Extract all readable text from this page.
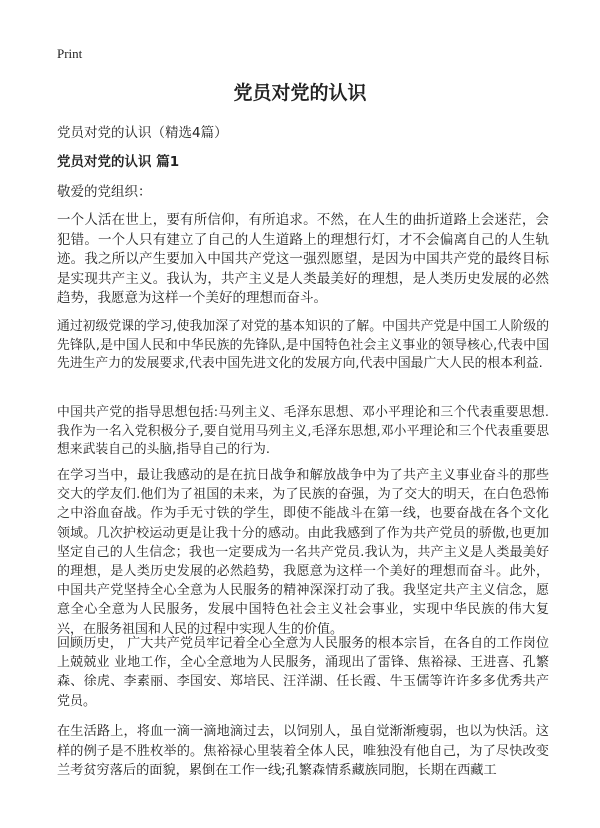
Print
党员对党的认识

党员对党的认识（精选4篇）

党员对党的认识 篇1

敬爱的党组织：

一个人活在世上，要有所信仰，有所追求。不然，在人生的曲折道路上会迷茫，会犯错。一个人只有建立了自己的人生道路上的理想行灯，才不会偏离自己的人生轨迹。我之所以产生要加入中国共产党这一强烈愿望，是因为中国共产党的最终目标是实现共产主义。我认为，共产主义是人类最美好的理想，是人类历史发展的必然趋势，我愿意为这样一个美好的理想而奋斗。

通过初级党课的学习,使我加深了对党的基本知识的了解。中国共产党是中国工人阶级的先锋队,是中国人民和中华民族的先锋队,是中国特色社会主义事业的领导核心,代表中国先进生产力的发展要求,代表中国先进文化的发展方向,代表中国最广大人民的根本利益.

中国共产党的指导思想包括:马列主义、毛泽东思想、邓小平理论和三个代表重要思想.我作为一名入党积极分子,要自觉用马列主义,毛泽东思想,邓小平理论和三个代表重要思想来武装自己的头脑,指导自己的行为.

在学习当中，最让我感动的是在抗日战争和解放战争中为了共产主义事业奋斗的那些交大的学友们.他们为了祖国的未来，为了民族的奋强，为了交大的明天，在白色恐怖之中浴血奋战。作为手无寸铁的学生，即使不能战斗在第一线，也要奋战在各个文化领域。几次护校运动更是让我十分的感动。由此我感到了作为共产党员的骄傲,也更加坚定自己的人生信念；我也一定要成为一名共产党员.我认为，共产主义是人类最美好的理想，是人类历史发展的必然趋势，我愿意为这样一个美好的理想而奋斗。此外，中国共产党坚持全心全意为人民服务的精神深深打动了我。我坚定共产主义信念，愿意全心全意为人民服务，发展中国特色社会主义社会事业，实现中华民族的伟大复兴，在服务祖国和人民的过程中实现人生的价值。

回顾历史， 广大共产党员牢记着全心全意为人民服务的根本宗旨，在各自的工作岗位上兢兢业 业地工作，全心全意地为人民服务，涌现出了雷锋、焦裕禄、王进喜、孔繁森、徐虎、李素丽、李国安、郑培民、汪洋湖、任长霞、牛玉儒等许许多多优秀共产党员。

在生活路上，将血一滴一滴地滴过去，以饲别人，虽自觉渐渐瘦弱，也以为快活。这样的例子是不胜枚举的。焦裕禄心里装着全体人民，唯独没有他自己，为了尽快改变兰考贫穷落后的面貌，累倒在工作一线;孔繁森情系藏族同胞，长期在西藏工
